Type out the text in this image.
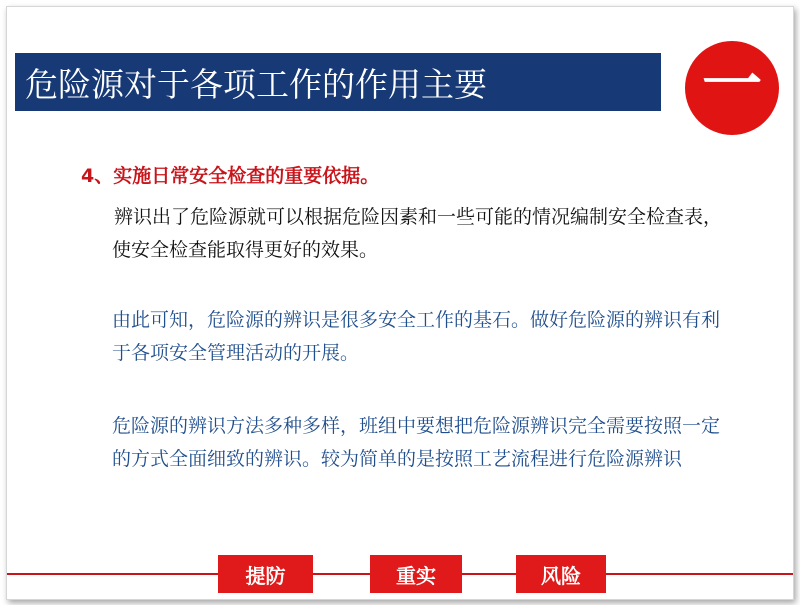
危险源对于各项工作的作用主要	一
4、实施日常安全检查的重要依据。
辨识出了危险源就可以根据危险因素和一些可能的情况编制安全检查表，使安全检查能取得更好的效果。
由此可知，危险源的辨识是很多安全工作的基石。做好危险源的辨识有利于各项安全管理活动的开展。
危险源的辨识方法多种多样，班组中要想把危险源辨识完全需要按照一定的方式全面细致的辨识。较为简单的是按照工艺流程进行危险源辨识
提防	重实	风险
